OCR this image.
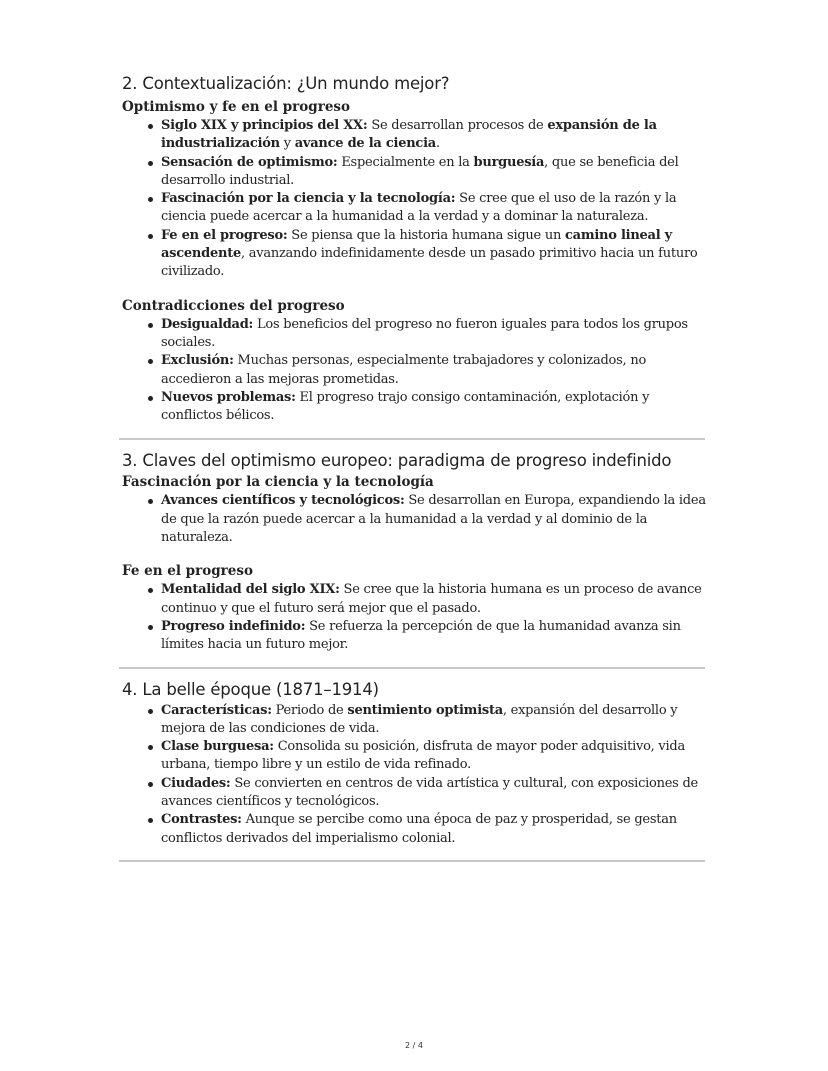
2. Contextualización: ¿Un mundo mejor?
Optimismo y fe en el progreso
Siglo XIX y principios del XX: Se desarrollan procesos de expansión de la industrialización y avance de la ciencia.
Sensación de optimismo: Especialmente en la burguesía, que se beneficia del desarrollo industrial.
Fascinación por la ciencia y la tecnología: Se cree que el uso de la razón y la ciencia puede acercar a la humanidad a la verdad y a dominar la naturaleza.
Fe en el progreso: Se piensa que la historia humana sigue un camino lineal y ascendente, avanzando indefinidamente desde un pasado primitivo hacia un futuro civilizado.
Contradicciones del progreso
Desigualdad: Los beneficios del progreso no fueron iguales para todos los grupos sociales.
Exclusión: Muchas personas, especialmente trabajadores y colonizados, no accedieron a las mejoras prometidas.
Nuevos problemas: El progreso trajo consigo contaminación, explotación y conflictos bélicos.
3. Claves del optimismo europeo: paradigma de progreso indefinido
Fascinación por la ciencia y la tecnología
Avances científicos y tecnológicos: Se desarrollan en Europa, expandiendo la idea de que la razón puede acercar a la humanidad a la verdad y al dominio de la naturaleza.
Fe en el progreso
Mentalidad del siglo XIX: Se cree que la historia humana es un proceso de avance continuo y que el futuro será mejor que el pasado.
Progreso indefinido: Se refuerza la percepción de que la humanidad avanza sin límites hacia un futuro mejor.
4. La belle époque (1871–1914)
Características: Periodo de sentimiento optimista, expansión del desarrollo y mejora de las condiciones de vida.
Clase burguesa: Consolida su posición, disfruta de mayor poder adquisitivo, vida urbana, tiempo libre y un estilo de vida refinado.
Ciudades: Se convierten en centros de vida artística y cultural, con exposiciones de avances científicos y tecnológicos.
Contrastes: Aunque se percibe como una época de paz y prosperidad, se gestan conflictos derivados del imperialismo colonial.
2 / 4
